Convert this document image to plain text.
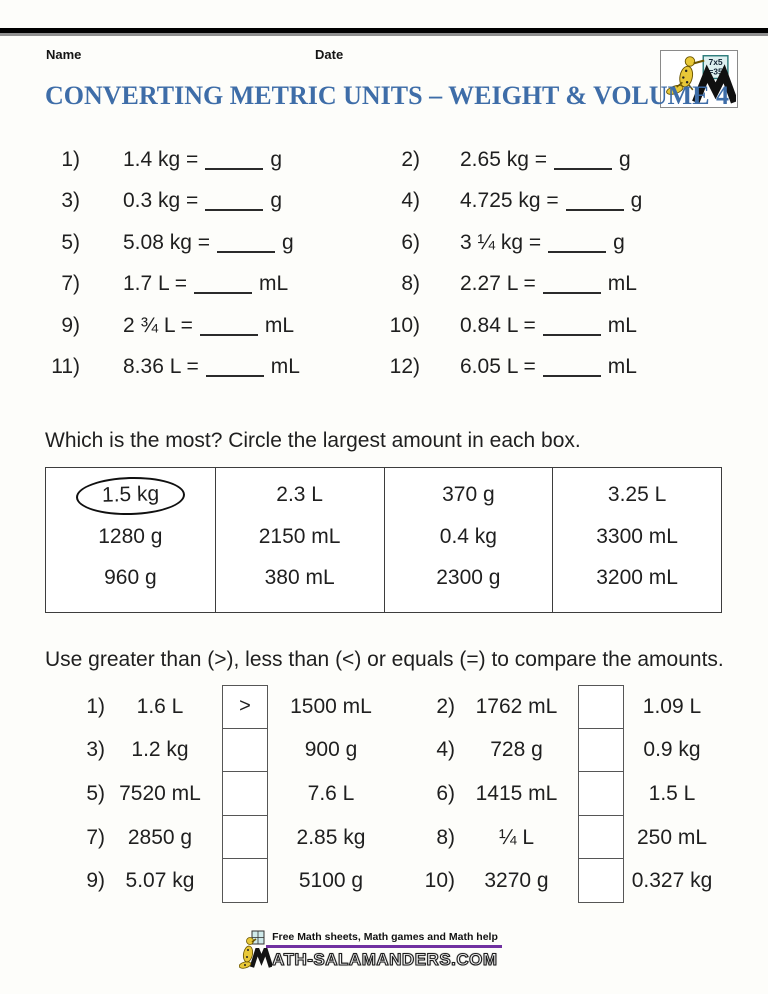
Name	Date
7x5
=35
CONVERTING METRIC UNITS – WEIGHT & VOLUME 4
1)	1.4 kg =	g	2)	2.65 kg =	g
3)	0.3 kg =	g	4)	4.725 kg =	g
5)	5.08 kg =	g	6)	3 ¼ kg =	g
7)	1.7 L =	mL	8)	2.27 L =	mL
9)	2 ¾ L =	mL	10)	0.84 L =	mL
11)	8.36 L =	mL	12)	6.05 L =	mL
Which is the most? Circle the largest amount in each box.
1.5 kg
1280 g
960 g
2.3 L
2150 mL
380 mL
370 g
0.4 kg
2300 g
3.25 L
3300 mL
3200 mL
Use greater than (>), less than (<) or equals (=) to compare the amounts.
1)	1.6 L	>	1500 mL
3)	1.2 kg	900 g
5) 7520 mL	7.6 L
7)	2850 g	2.85 kg
9) 5.07 kg	5100 g
2) 1762 mL	1.09 L
4)	728 g	0.9 kg
6) 1415 mL	1.5 L
8)	¼ L	250 mL
10)	3270 g	0.327 kg
Free Math sheets, Math games and Math help
ATH-SALAMANDERS.COM
